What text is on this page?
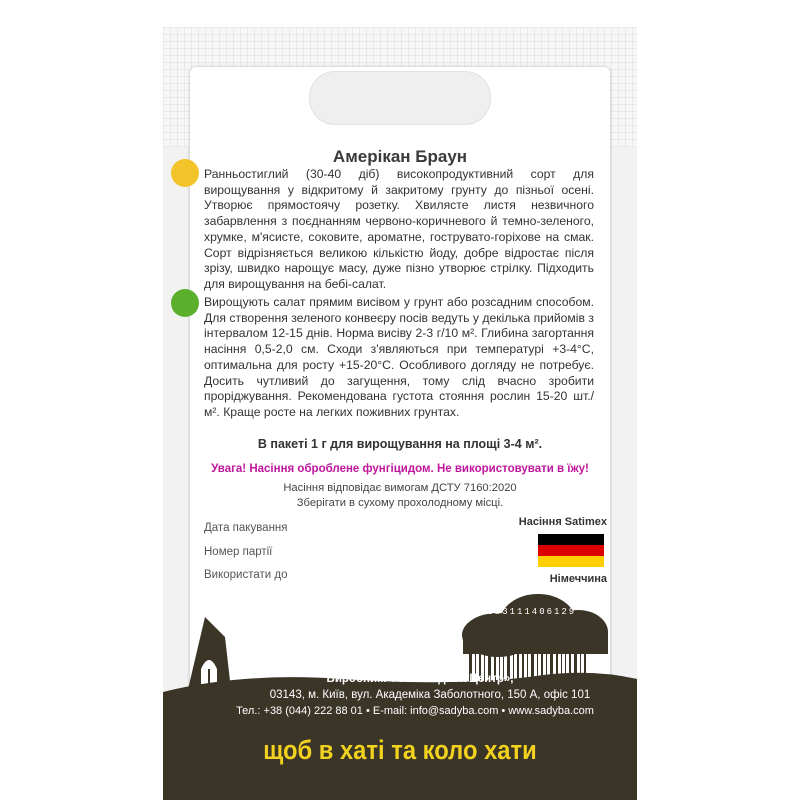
Амерікан Браун

Ранньостиглий (30-40 діб) високопродуктивний сорт для вирощування у відкритому й закритому грунту до пізньої осені. Утворює прямостоячу розетку. Хвилясте листя незвичного забарвлення з поєднанням червоно-коричневого й темно-зеленого, хрумке, м'ясисте, соковите, ароматне, гострувато-горіхове на смак. Сорт відрізняється великою кількістю йоду, добре відростає після зрізу, швидко нарощує масу, дуже пізно утворює стрілку. Підходить для вирощування на бебі-салат.

Вирощують салат прямим висівом у грунт або розсадним способом. Для створення зеленого конвеєру посів ведуть у декілька прийомів з інтервалом 12-15 днів. Норма висіву 2-3 г/10 м². Глибина загортання насіння 0,5-2,0 см. Сходи з'являються при температурі +3-4°С, оптимальна для росту +15-20°С. Особливого догляду не потребує. Досить чутливий до загущення, тому слід вчасно зробити проріджування. Рекомендована густота стояння рослин 15-20 шт./м². Краще росте на легких поживних грунтах.

В пакеті 1 г для вирощування на площі 3-4 м².

Увага! Насіння оброблене фунгіцидом. Не використовувати в їжу!

Насіння відповідає вимогам ДСТУ 7160:2020

Зберігати в сухому прохолодному місці.

Дата пакування

Номер партії

Використати до

Насіння Satimex

Німеччина

4823111406129

Виробник: ТОВ «Садиба Центр»,

03143, м. Київ, вул. Академіка Заболотного, 150 А, офіс 101

Тел.: +38 (044) 222 88 01 • E-mail: info@sadyba.com • www.sadyba.com

щоб в хаті та коло хати
